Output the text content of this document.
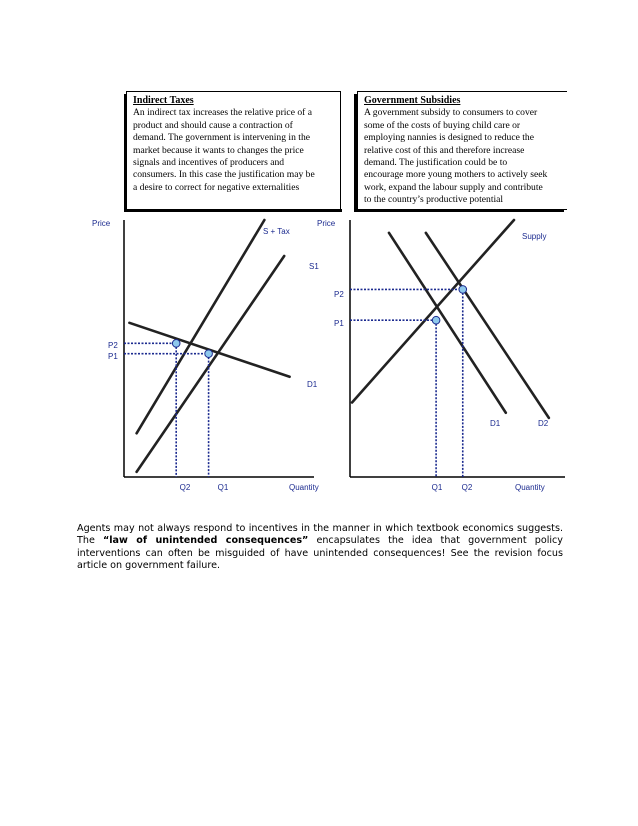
Indirect Taxes
An indirect tax increases the relative price of a
product and should cause a contraction of
demand. The government is intervening in the
market because it wants to changes the price
signals and incentives of producers and
consumers. In this case the justification may be
a desire to correct for negative externalities
Government Subsidies
A government subsidy to consumers to cover
some of the costs of buying child care or
employing nannies is designed to reduce the
relative cost of this and therefore increase
demand. The justification could be to
encourage more young mothers to actively seek
work, expand the labour supply and contribute
to the country’s productive potential
Price
Quantity
S + Tax
S1
D1
P2
P1
Q2	Q1
Price
Quantity
Supply
D1	D2
P2
P1
Q1 Q2
Agents may not always respond to incentives in the manner in which textbook economics suggests. The “law of unintended consequences” encapsulates the idea that government policy interventions can often be misguided of have unintended consequences! See the revision focus article on government failure.
